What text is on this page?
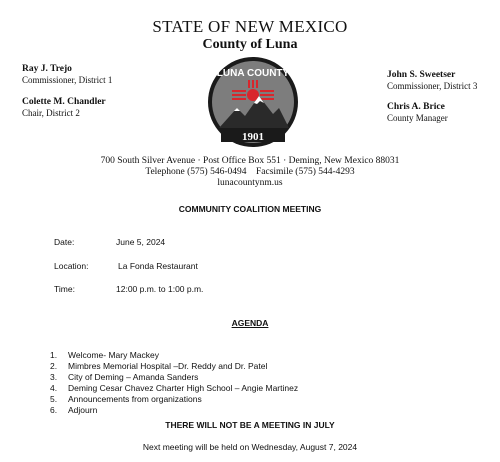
STATE OF NEW MEXICO
County of Luna
Ray J. Trejo
Commissioner, District 1
Colette M. Chandler
Chair, District 2
John S. Sweetser
Commissioner, District 3
Chris A. Brice
County Manager
LUNA COUNTY
1901
700 South Silver Avenue · Post Office Box 551 · Deming, New Mexico 88031
Telephone (575) 546-0494    Facsimile (575) 544-4293
lunacountynm.us
COMMUNITY COALITION MEETING
Date:	June 5, 2024
Location:	La Fonda Restaurant
Time:	12:00 p.m. to 1:00 p.m.
AGENDA
1.	Welcome- Mary Mackey
2.	Mimbres Memorial Hospital –Dr. Reddy and Dr. Patel
3.	City of Deming – Amanda Sanders
4.	Deming Cesar Chavez Charter High School – Angie Martinez
5.	Announcements from organizations
6.	Adjourn
THERE WILL NOT BE A MEETING IN JULY
Next meeting will be held on Wednesday, August 7, 2024
